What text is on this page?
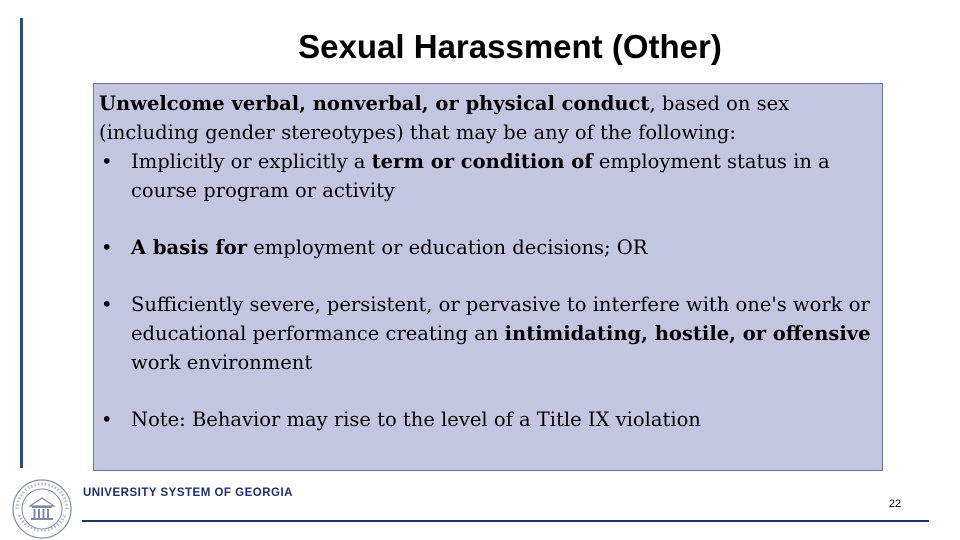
Sexual Harassment (Other)

Unwelcome verbal, nonverbal, or physical conduct, based on sex (including gender stereotypes) that may be any of the following:

• Implicitly or explicitly a term or condition of employment status in a course program or activity
• A basis for employment or education decisions; OR
• Sufficiently severe, persistent, or pervasive to interfere with one's work or educational performance creating an intimidating, hostile, or offensive work environment
• Note: Behavior may rise to the level of a Title IX violation
UNIVERSITY SYSTEM OF GEORGIA
22
